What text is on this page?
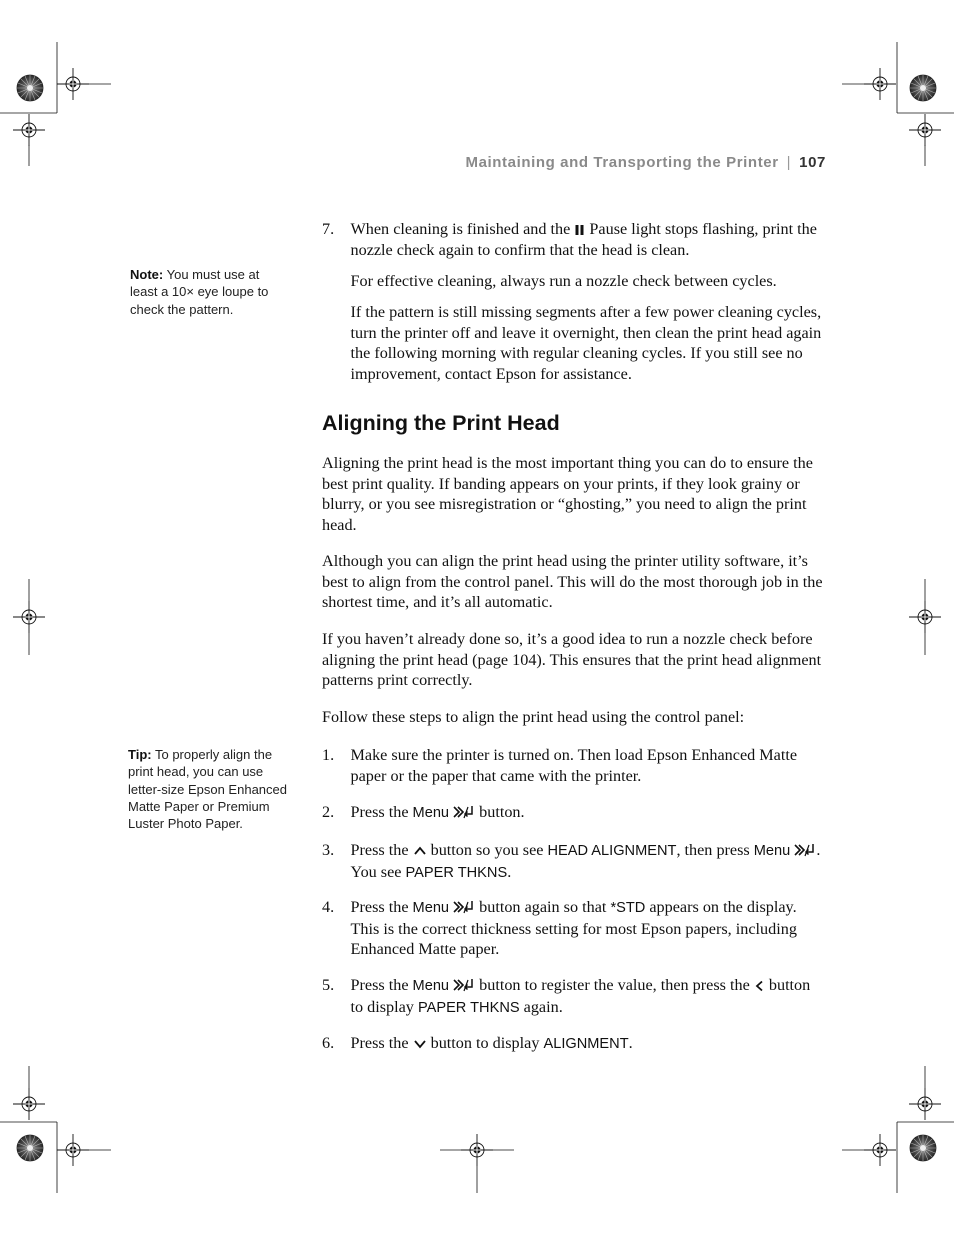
Maintaining and Transporting the Printer | 107
Note: You must use at least a 10× eye loupe to check the pattern.
Tip: To properly align the print head, you can use letter-size Epson Enhanced Matte Paper or Premium Luster Photo Paper.
7.	When cleaning is finished and the Pause light stops flashing, print the nozzle check again to confirm that the head is clean.

For effective cleaning, always run a nozzle check between cycles.

If the pattern is still missing segments after a few power cleaning cycles, turn the printer off and leave it overnight, then clean the print head again the following morning with regular cleaning cycles. If you still see no improvement, contact Epson for assistance.

Aligning the Print Head

Aligning the print head is the most important thing you can do to ensure the best print quality. If banding appears on your prints, if they look grainy or blurry, or you see misregistration or “ghosting,” you need to align the print head.

Although you can align the print head using the printer utility software, it’s best to align from the control panel. This will do the most thorough job in the shortest time, and it’s all automatic.

If you haven’t already done so, it’s a good idea to run a nozzle check before aligning the print head (page 104). This ensures that the print head alignment patterns print correctly.

Follow these steps to align the print head using the control panel:

1.	Make sure the printer is turned on. Then load Epson Enhanced Matte paper or the paper that came with the printer.
2.	Press the Menu button.
3.	Press the button so you see HEAD ALIGNMENT, then press Menu . You see PAPER THKNS.
4.	Press the Menu button again so that *STD appears on the display. This is the correct thickness setting for most Epson papers, including Enhanced Matte paper.
5.	Press the Menu button to register the value, then press the button to display PAPER THKNS again.
6.	Press the button to display ALIGNMENT.
